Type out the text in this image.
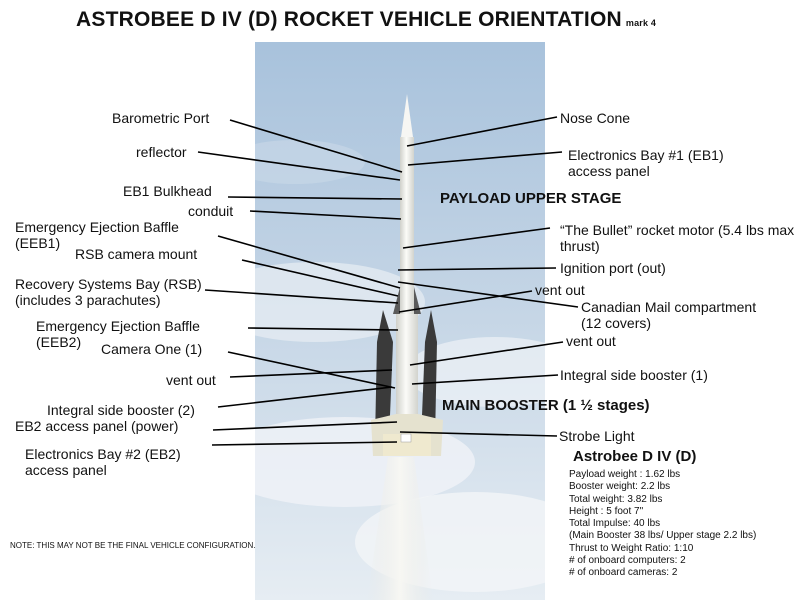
ASTROBEE D IV (D) ROCKET VEHICLE ORIENTATION mark 4
Barometric Port
reflector
EB1 Bulkhead
conduit
Emergency Ejection Baffle
(EEB1)
RSB camera mount
Recovery Systems Bay (RSB)
(includes 3 parachutes)
Emergency Ejection Baffle
(EEB2)	Camera One (1)
vent out
Integral side booster (2)
EB2 access panel (power)
Electronics Bay #2 (EB2)
access panel
Nose Cone
Electronics Bay #1 (EB1)
access panel
“The Bullet” rocket motor (5.4 lbs max
thrust)
Ignition port (out)
vent out
Canadian Mail compartment
(12 covers)
vent out
Integral side booster (1)
Strobe Light
PAYLOAD UPPER STAGE
MAIN BOOSTER (1 ½ stages)
Astrobee D IV (D)
Payload weight : 1.62 lbs
Booster weight: 2.2 lbs
Total weight: 3.82 lbs
Height : 5 foot 7"
Total Impulse: 40 lbs
(Main Booster 38 lbs/ Upper stage 2.2 lbs)
Thrust to Weight Ratio: 1:10
# of onboard computers: 2
# of onboard cameras: 2
NOTE: THIS MAY NOT BE THE FINAL VEHICLE CONFIGURATION.
